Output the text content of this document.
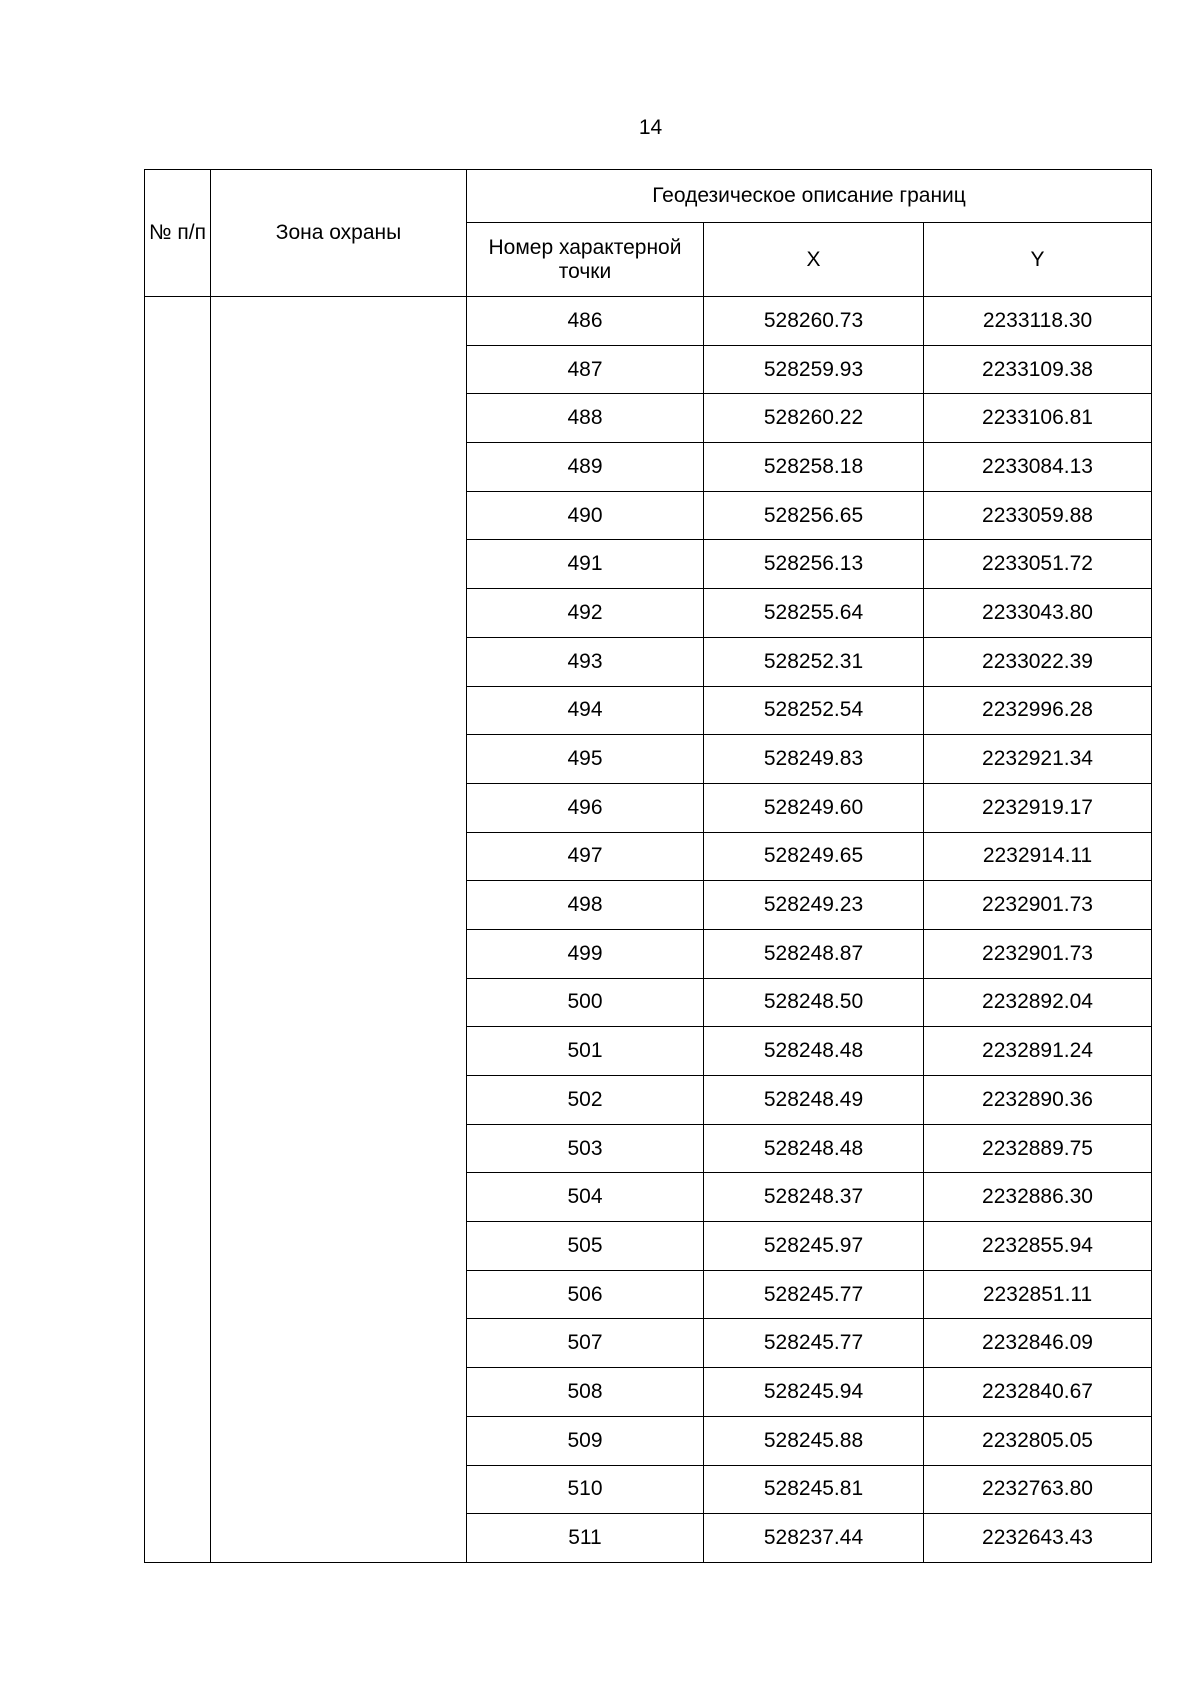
14
№ п/п	Зона охраны	Геодезическое описание границ		
		Номер характерной точки	X	Y
		486	528260.73	2233118.30
		487	528259.93	2233109.38
		488	528260.22	2233106.81
		489	528258.18	2233084.13
		490	528256.65	2233059.88
		491	528256.13	2233051.72
		492	528255.64	2233043.80
		493	528252.31	2233022.39
		494	528252.54	2232996.28
		495	528249.83	2232921.34
		496	528249.60	2232919.17
		497	528249.65	2232914.11
		498	528249.23	2232901.73
		499	528248.87	2232901.73
		500	528248.50	2232892.04
		501	528248.48	2232891.24
		502	528248.49	2232890.36
		503	528248.48	2232889.75
		504	528248.37	2232886.30
		505	528245.97	2232855.94
		506	528245.77	2232851.11
		507	528245.77	2232846.09
		508	528245.94	2232840.67
		509	528245.88	2232805.05
		510	528245.81	2232763.80
		511	528237.44	2232643.43
